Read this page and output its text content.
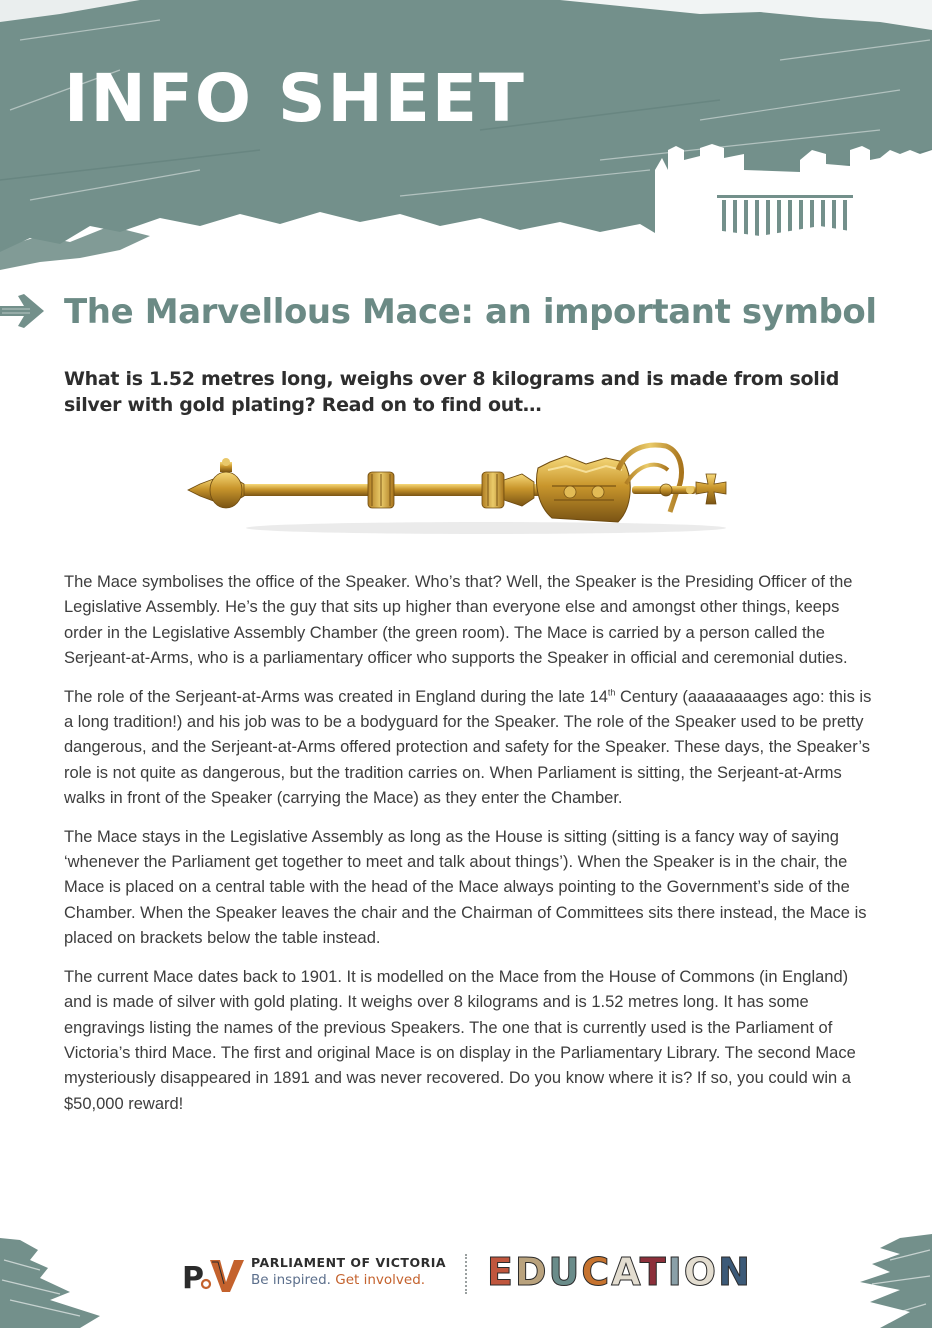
INFO SHEET
The Marvellous Mace: an important symbol
What is 1.52 metres long, weighs over 8 kilograms and is made from solid silver with gold plating? Read on to find out…

The Mace symbolises the office of the Speaker. Who’s that? Well, the Speaker is the Presiding Officer of the Legislative Assembly. He’s the guy that sits up higher than everyone else and amongst other things, keeps order in the Legislative Assembly Chamber (the green room). The Mace is carried by a person called the Serjeant-at-Arms, who is a parliamentary officer who supports the Speaker in official and ceremonial duties.

The role of the Serjeant-at-Arms was created in England during the late 14th Century (aaaaaaaages ago: this is a long tradition!) and his job was to be a bodyguard for the Speaker. The role of the Speaker used to be pretty dangerous, and the Serjeant-at-Arms offered protection and safety for the Speaker. These days, the Speaker’s role is not quite as dangerous, but the tradition carries on. When Parliament is sitting, the Serjeant-at-Arms walks in front of the Speaker (carrying the Mace) as they enter the Chamber.

The Mace stays in the Legislative Assembly as long as the House is sitting (sitting is a fancy way of saying ‘whenever the Parliament get together to meet and talk about things’). When the Speaker is in the chair, the Mace is placed on a central table with the head of the Mace always pointing to the Government’s side of the Chamber. When the Speaker leaves the chair and the Chairman of Committees sits there instead, the Mace is placed on brackets below the table instead.

The current Mace dates back to 1901. It is modelled on the Mace from the House of Commons (in England) and is made of silver with gold plating. It weighs over 8 kilograms and is 1.52 metres long. It has some engravings listing the names of the previous Speakers. The one that is currently used is the Parliament of Victoria’s third Mace. The first and original Mace is on display in the Parliamentary Library. The second Mace mysteriously disappeared in 1891 and was never recovered. Do you know where it is? If so, you could win a $50,000 reward!

P	PARLIAMENT OF VICTORIA
Be inspired. Get involved. EDUCATION
